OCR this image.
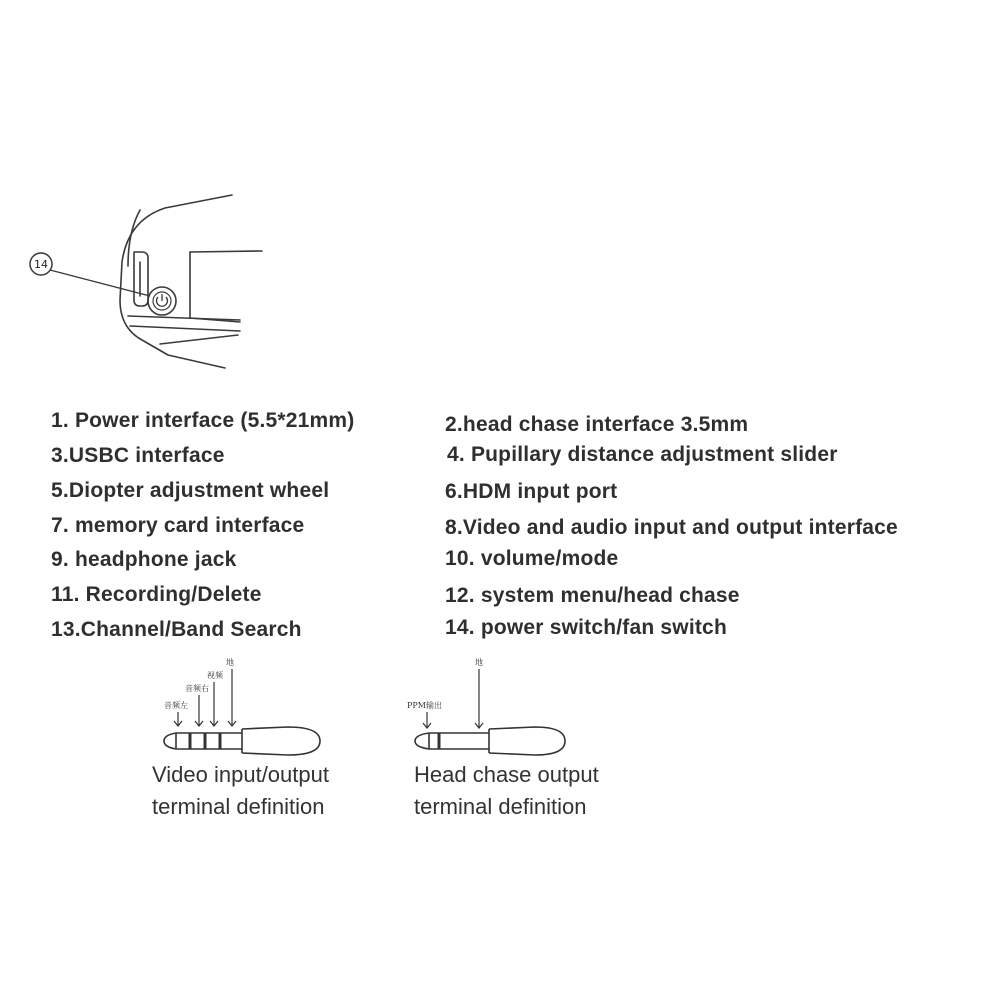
14
1. Power interface (5.5*21mm)
3.USBC interface
5.Diopter adjustment wheel
7. memory card interface
9. headphone jack
11. Recording/Delete
13.Channel/Band Search
2.head chase interface 3.5mm
4. Pupillary distance adjustment slider
6.HDM input port
8.Video and audio input and output interface
10. volume/mode
12. system menu/head chase
14. power switch/fan switch
音频左
音频右
视频
地
Video input/output
terminal definition
PPM输出
地
Head chase output
terminal definition
